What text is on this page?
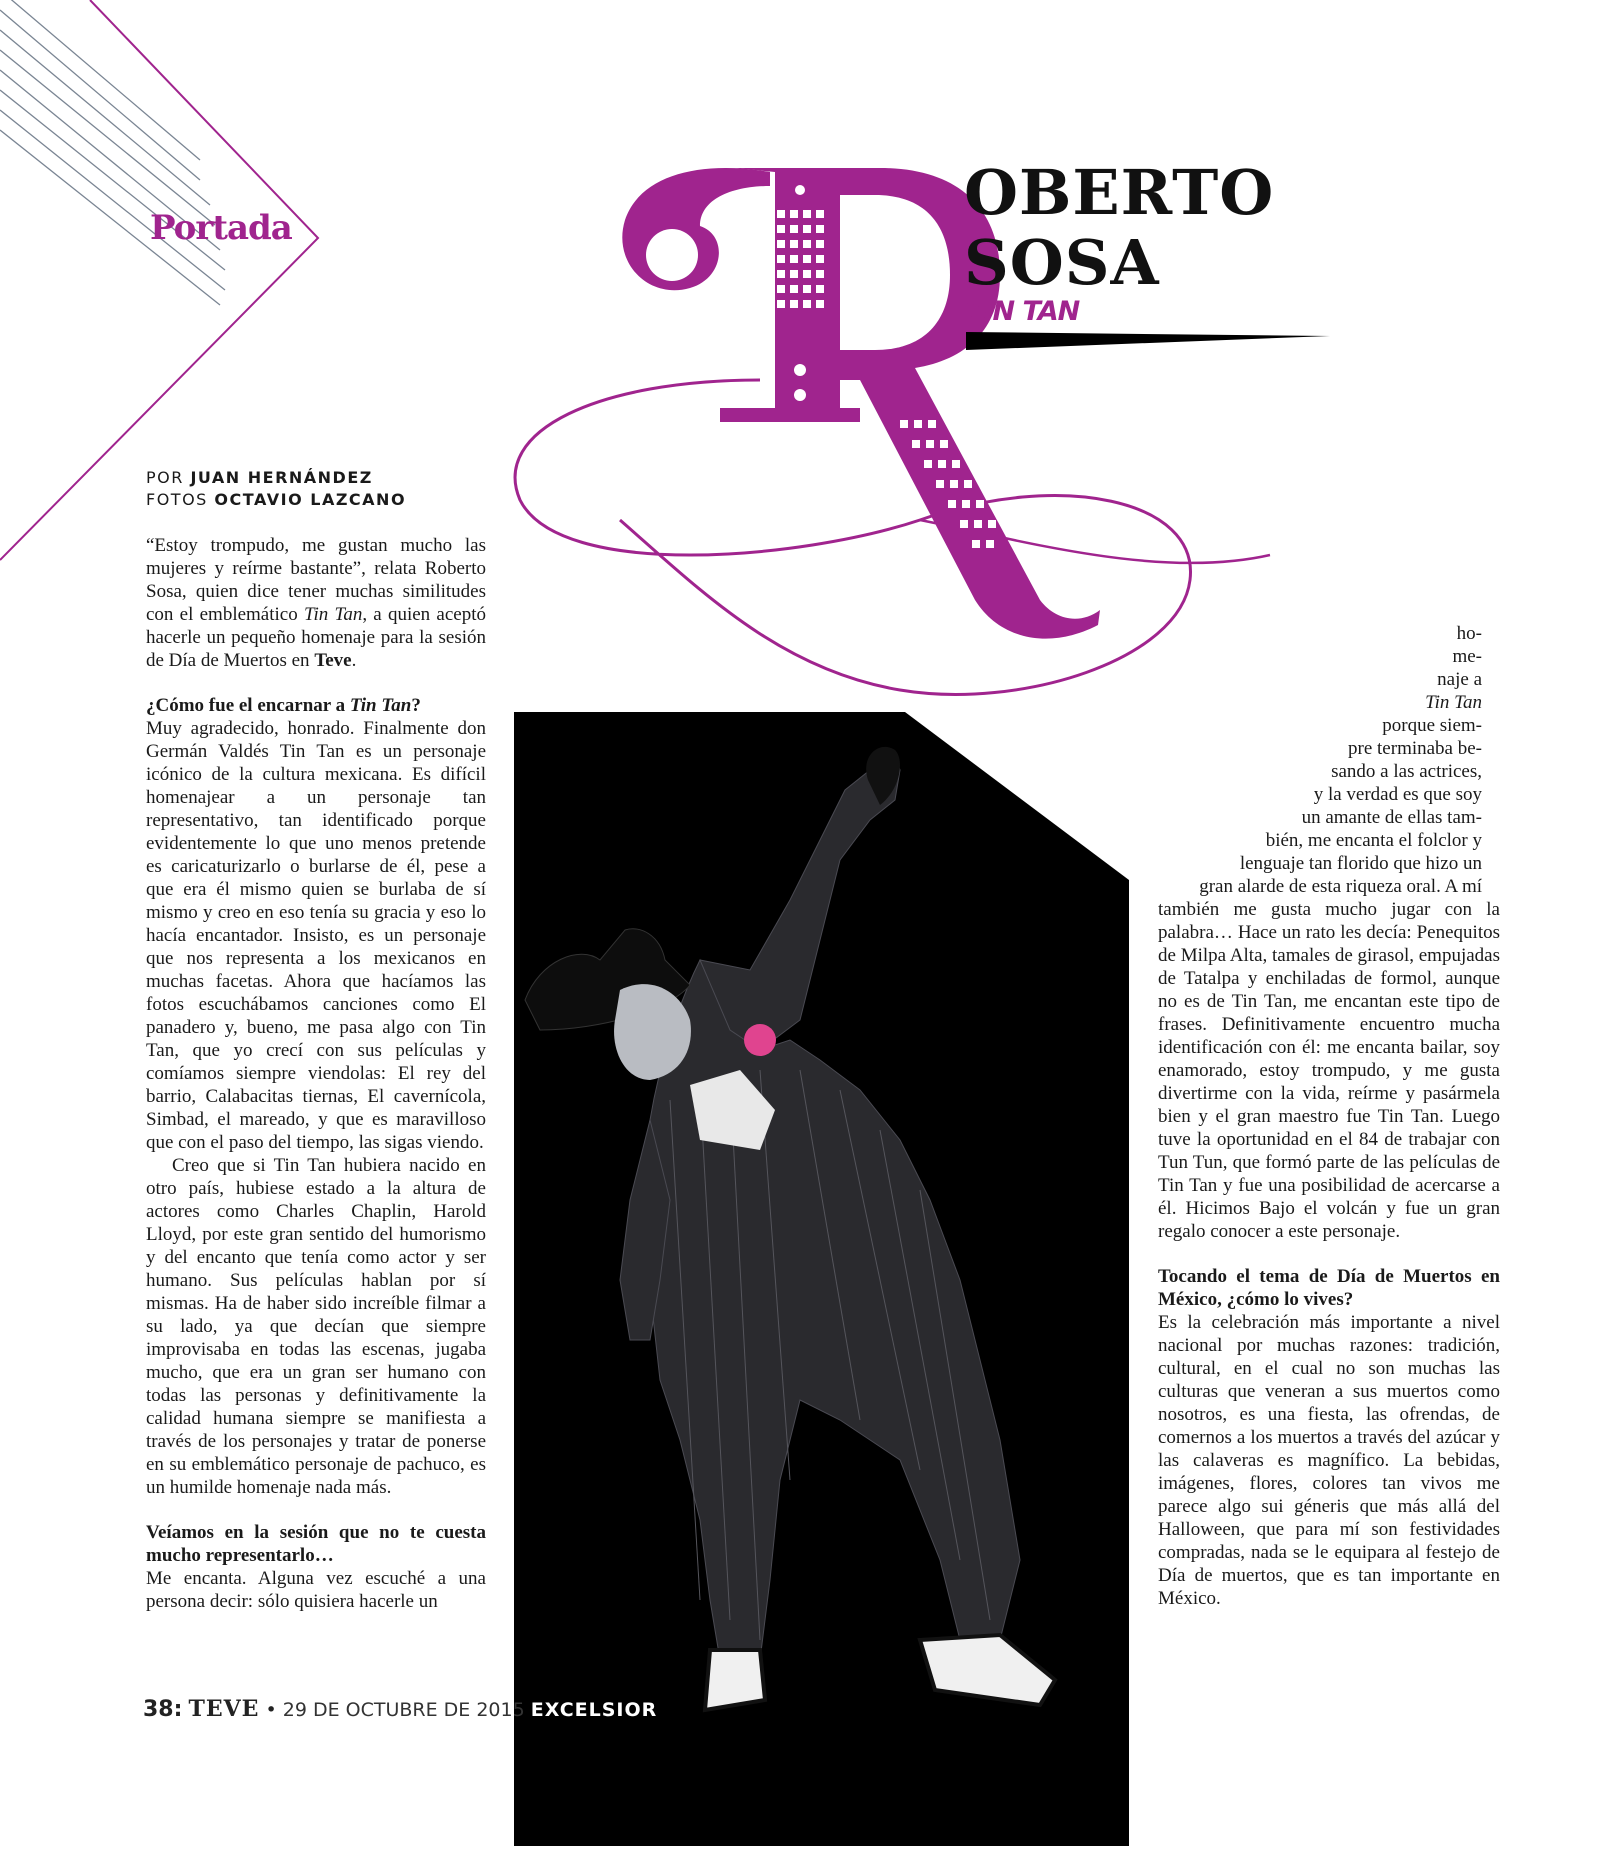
Portada	OBERTO
SOSA
TIN TAN
POR JUAN HERNÁNDEZ
FOTOS OCTAVIO LAZCANO

“Estoy trompudo, me gustan mucho las mujeres y reírme bastante”, relata Roberto Sosa, quien dice tener muchas similitudes con el emblemático Tin Tan, a quien aceptó hacerle un pequeño homenaje para la sesión de Día de Muertos en Teve.

¿Cómo fue el encarnar a Tin Tan?

Muy agradecido, honrado. Finalmente don Germán Valdés Tin Tan es un personaje icónico de la cultura mexicana. Es difícil homenajear a un personaje tan representativo, tan identificado porque evidentemente lo que uno menos pretende es caricaturizarlo o burlarse de él, pese a que era él mismo quien se burlaba de sí mismo y creo en eso tenía su gracia y eso lo hacía encantador. Insisto, es un personaje que nos representa a los mexicanos en muchas facetas. Ahora que hacíamos las fotos escuchábamos canciones como El panadero y, bueno, me pasa algo con Tin Tan, que yo crecí con sus películas y comíamos siempre viendolas: El rey del barrio, Calabacitas tiernas, El cavernícola, Simbad, el mareado, y que es maravilloso que con el paso del tiempo, las sigas viendo.

Creo que si Tin Tan hubiera nacido en otro país, hubiese estado a la altura de actores como Charles Chaplin, Harold Lloyd, por este gran sentido del humorismo y del encanto que tenía como actor y ser humano. Sus películas hablan por sí mismas. Ha de haber sido increíble filmar a su lado, ya que decían que siempre improvisaba en todas las escenas, jugaba mucho, que era un gran ser humano con todas las personas y definitivamente la calidad humana siempre se manifiesta a través de los personajes y tratar de ponerse en su emblemático personaje de pachuco, es un humilde homenaje nada más.

Veíamos en la sesión que no te cuesta mucho representarlo…

Me encanta. Alguna vez escuché a una persona decir: sólo quisiera hacerle un

ho-
me-
naje a
Tin Tan
porque siem-
pre terminaba be-
sando a las actrices,
y la verdad es que soy
un amante de ellas tam-
bién, me encanta el folclor y
lenguaje tan florido que hizo un
gran alarde de esta riqueza oral. A mí

también me gusta mucho jugar con la palabra… Hace un rato les decía: Penequitos de Milpa Alta, tamales de girasol, empujadas de Tatalpa y enchiladas de formol, aunque no es de Tin Tan, me encantan este tipo de frases. Definitivamente encuentro mucha identificación con él: me encanta bailar, soy enamorado, estoy trompudo, y me gusta divertirme con la vida, reírme y pasármela bien y el gran maestro fue Tin Tan. Luego tuve la oportunidad en el 84 de trabajar con Tun Tun, que formó parte de las películas de Tin Tan y fue una posibilidad de acercarse a él. Hicimos Bajo el volcán y fue un gran regalo conocer a este personaje.

Tocando el tema de Día de Muertos en México, ¿cómo lo vives?

Es la celebración más importante a nivel nacional por muchas razones: tradición, cultural, en el cual no son muchas las culturas que veneran a sus muertos como nosotros, es una fiesta, las ofrendas, de comernos a los muertos a través del azúcar y las calaveras es magnífico. La bebidas, imágenes, flores, colores tan vivos me parece algo sui géneris que más allá del Halloween, que para mí son festividades compradas, nada se le equipara al festejo de Día de muertos, que es tan importante en México.

38: TEVE • 29 DE OCTUBRE DE 2015 EXCELSIOR
